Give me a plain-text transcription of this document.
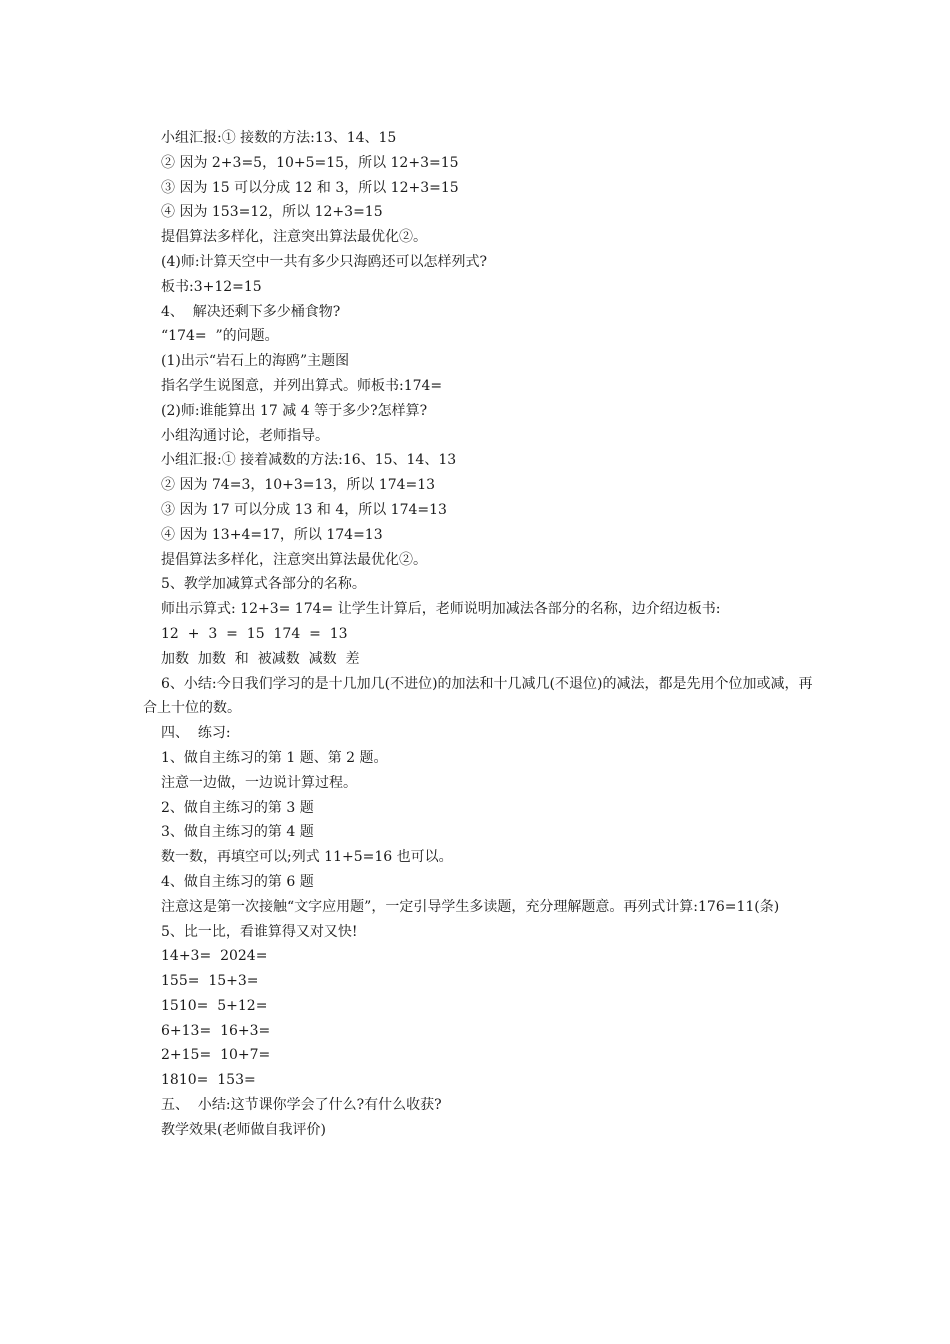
小组汇报:① 接数的方法:13、14、15
② 因为 2+3=5，10+5=15，所以 12+3=15
③ 因为 15 可以分成 12 和 3，所以 12+3=15
④ 因为 153=12，所以 12+3=15
提倡算法多样化，注意突出算法最优化②。
(4)师:计算天空中一共有多少只海鸥还可以怎样列式?
板书:3+12=15
4、  解决还剩下多少桶食物?
“174=  ”的问题。
(1)出示“岩石上的海鸥”主题图
指名学生说图意，并列出算式。师板书:174=
(2)师:谁能算出 17 减 4 等于多少?怎样算?
小组沟通讨论，老师指导。
小组汇报:① 接着减数的方法:16、15、14、13
② 因为 74=3，10+3=13，所以 174=13
③ 因为 17 可以分成 13 和 4，所以 174=13
④ 因为 13+4=17，所以 174=13
提倡算法多样化，注意突出算法最优化②。
5、教学加减算式各部分的名称。
师出示算式: 12+3= 174= 让学生计算后，老师说明加减法各部分的名称，边介绍边板书:
12  +  3  =  15  174  =  13
加数  加数  和  被减数  减数  差
6、小结:今日我们学习的是十几加几(不进位)的加法和十几减几(不退位)的减法，都是先用个位加或减，再合上十位的数。
四、  练习:
1、做自主练习的第 1 题、第 2 题。
注意一边做，一边说计算过程。
2、做自主练习的第 3 题
3、做自主练习的第 4 题
数一数，再填空可以;列式 11+5=16 也可以。
4、做自主练习的第 6 题
注意这是第一次接触“文字应用题”，一定引导学生多读题，充分理解题意。再列式计算:176=11(条)
5、比一比，看谁算得又对又快!
14+3=  2024=
155=  15+3=
1510=  5+12=
6+13=  16+3=
2+15=  10+7=
1810=  153=
五、  小结:这节课你学会了什么?有什么收获?
教学效果(老师做自我评价)
